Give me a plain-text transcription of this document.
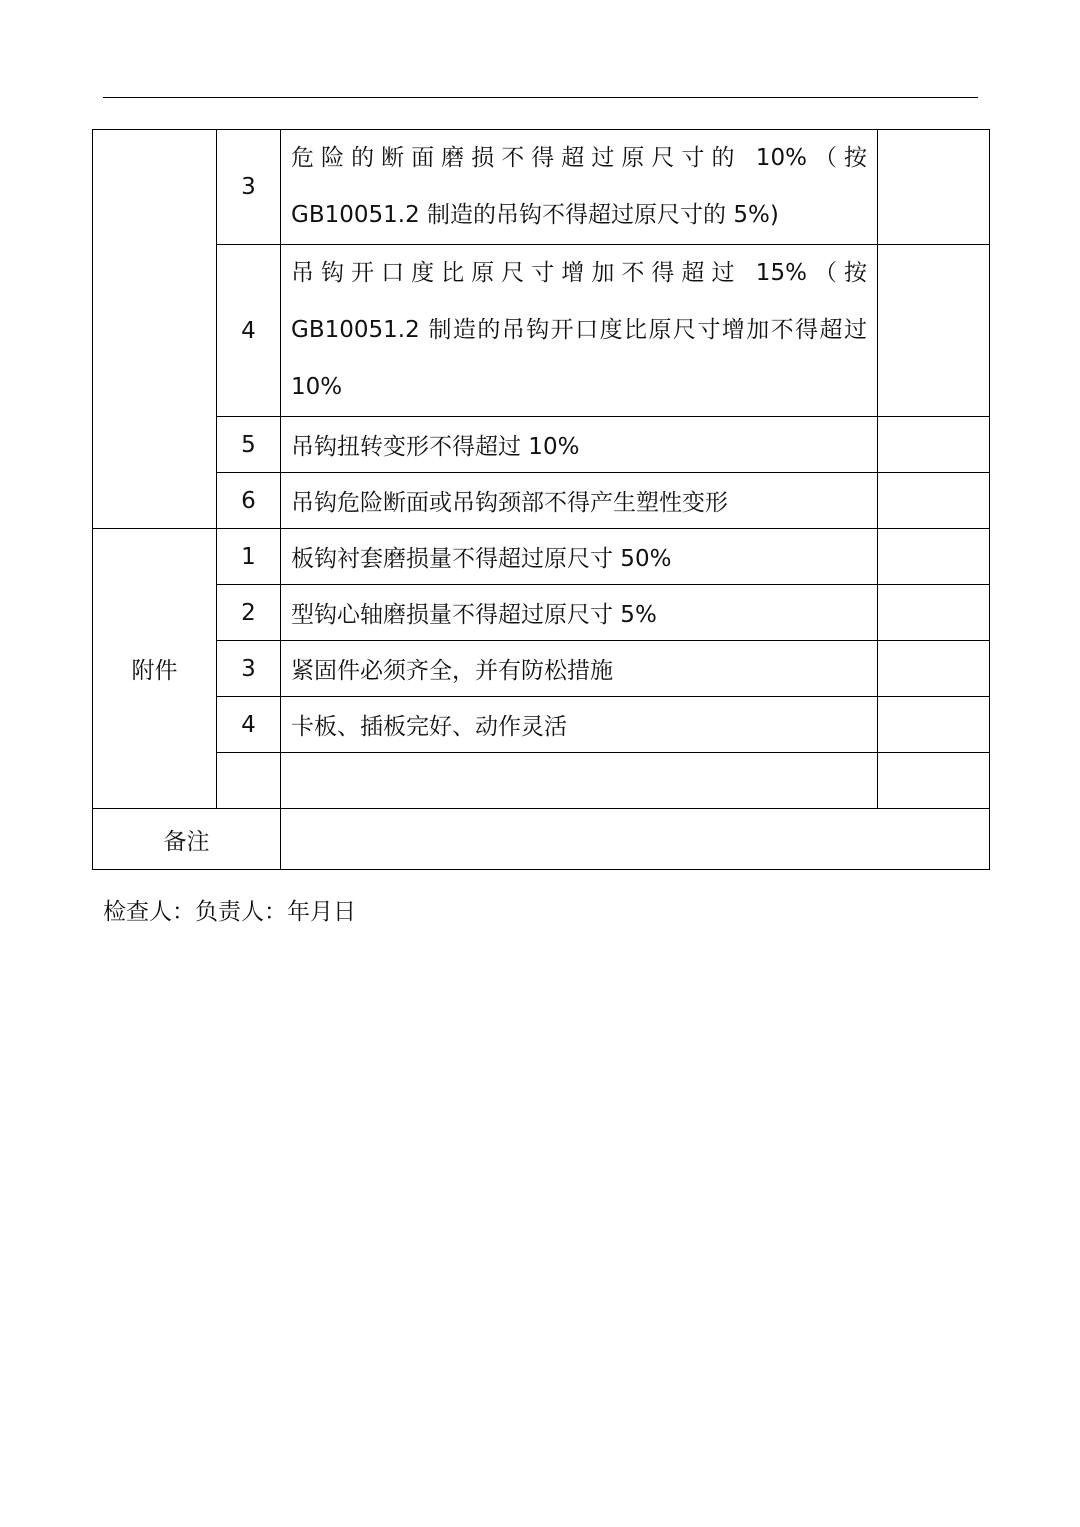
	3	危险的断面磨损不得超过原尺寸的 10%（按 GB10051.2 制造的吊钩不得超过原尺寸的 5%)	
	4	吊钩开口度比原尺寸增加不得超过 15%（按 GB10051.2 制造的吊钩开口度比原尺寸增加不得超过 10%	
	5	吊钩扭转变形不得超过 10%	
	6	吊钩危险断面或吊钩颈部不得产生塑性变形	
附件	1	板钩衬套磨损量不得超过原尺寸 50%	
	2	型钩心轴磨损量不得超过原尺寸 5%	
	3	紧固件必须齐全，并有防松措施	
	4	卡板、插板完好、动作灵活	

备注			
检查人：负责人：年月日
